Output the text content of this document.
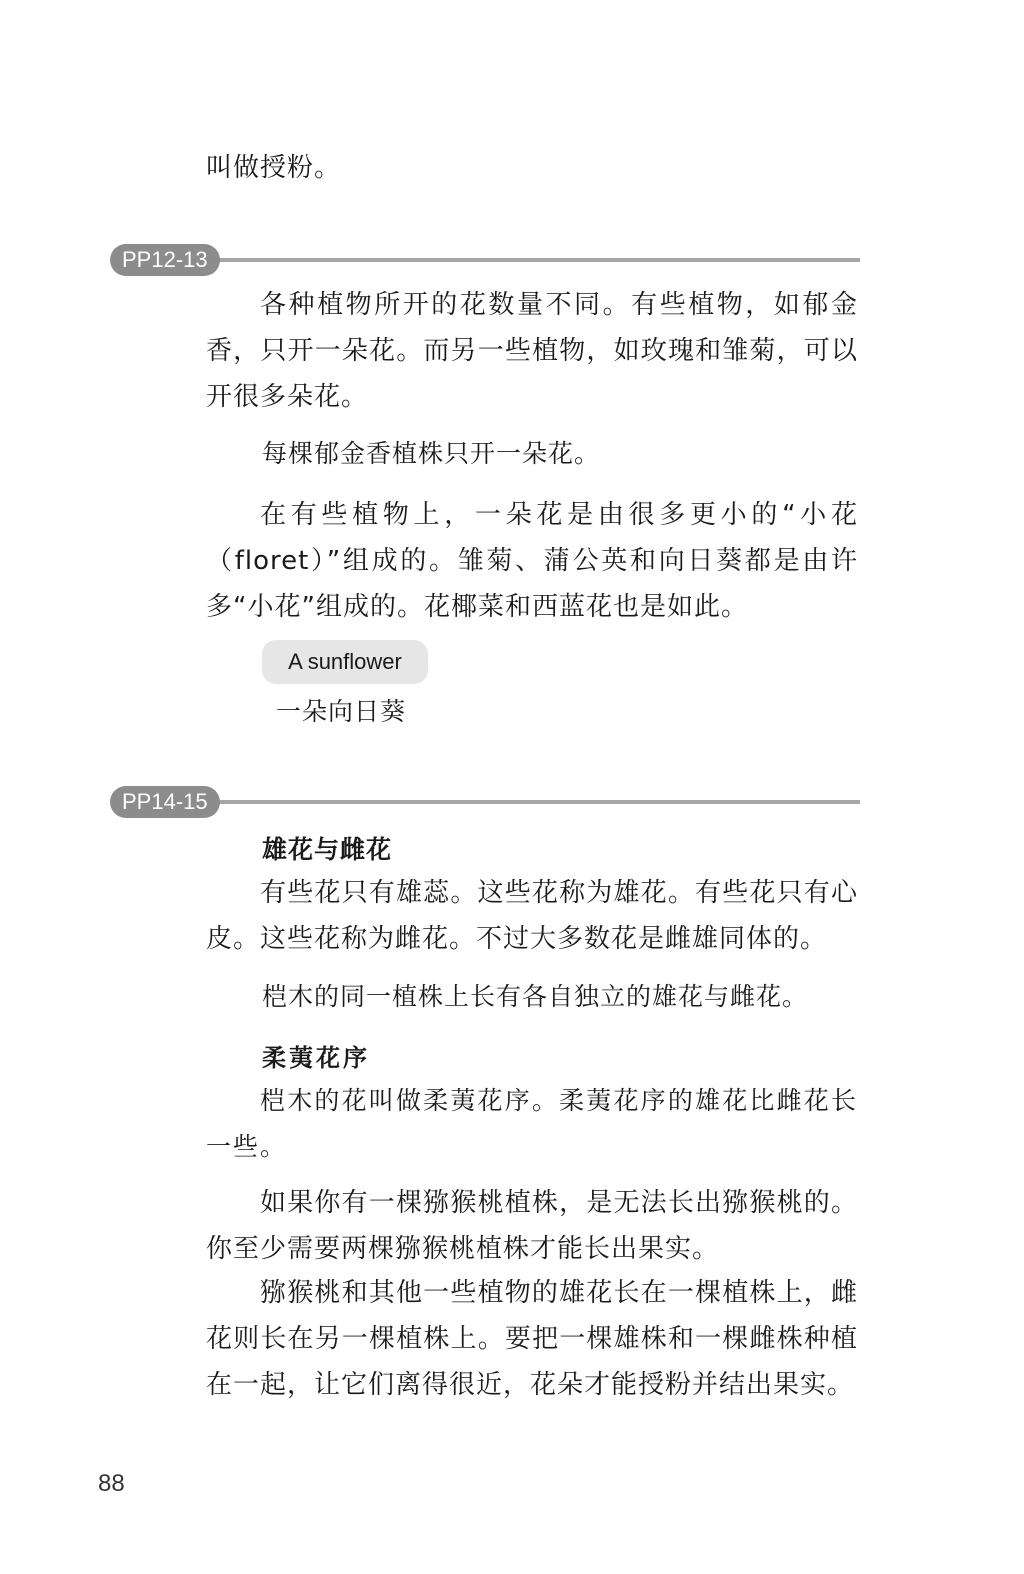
叫做授粉。

PP12-13

各种植物所开的花数量不同。有些植物，如郁金香，只开一朵花。而另一些植物，如玫瑰和雏菊，可以开很多朵花。

每棵郁金香植株只开一朵花。

在有些植物上，一朵花是由很多更小的“小花（floret）”组成的。雏菊、蒲公英和向日葵都是由许多“小花”组成的。花椰菜和西蓝花也是如此。

A sunflower

一朵向日葵

PP14-15
雄花与雌花

有些花只有雄蕊。这些花称为雄花。有些花只有心皮。这些花称为雌花。不过大多数花是雌雄同体的。

桤木的同一植株上长有各自独立的雄花与雌花。

柔荑花序

桤木的花叫做柔荑花序。柔荑花序的雄花比雌花长一些。

如果你有一棵猕猴桃植株，是无法长出猕猴桃的。你至少需要两棵猕猴桃植株才能长出果实。

猕猴桃和其他一些植物的雄花长在一棵植株上，雌花则长在另一棵植株上。要把一棵雄株和一棵雌株种植在一起，让它们离得很近，花朵才能授粉并结出果实。

88
